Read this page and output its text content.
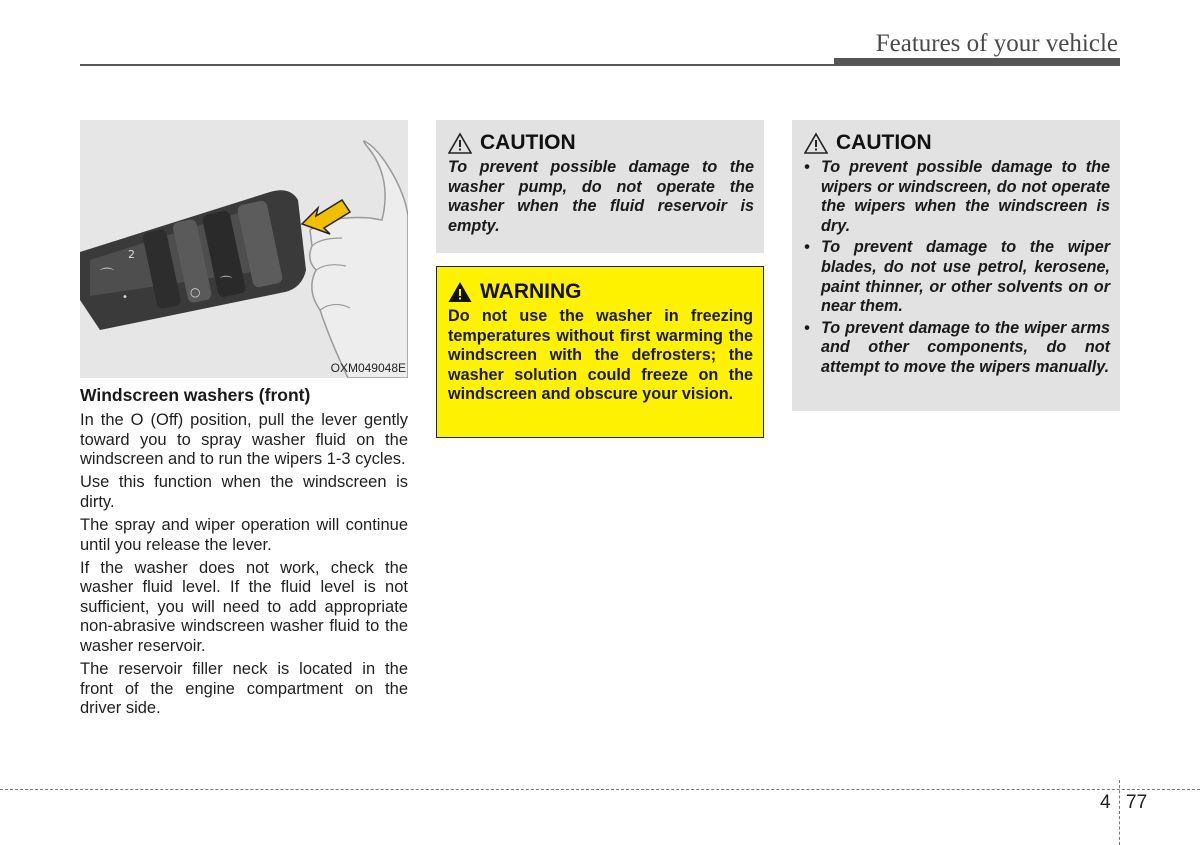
Features of your vehicle
⌒
2
•	○
⌒
OXM049048E
Windscreen washers (front)

In the O (Off) position, pull the lever gently toward you to spray washer fluid on the windscreen and to run the wipers 1-3 cycles.

Use this function when the windscreen is dirty.

The spray and wiper operation will continue until you release the lever.

If the washer does not work, check the washer fluid level. If the fluid level is not sufficient, you will need to add appropriate non-abrasive windscreen washer fluid to the washer reservoir.

The reservoir filler neck is located in the front of the engine compartment on the driver side.

CAUTION
To prevent possible damage to the washer pump, do not operate the washer when the fluid reservoir is empty.
WARNING
Do not use the washer in freezing temperatures without first warming the windscreen with the defrosters; the washer solution could freeze on the windscreen and obscure your vision.
CAUTION
• To prevent possible damage to the wipers or windscreen, do not operate the wipers when the windscreen is dry.
• To prevent damage to the wiper blades, do not use petrol, kerosene, paint thinner, or other solvents on or near them.
• To prevent damage to the wiper arms and other components, do not attempt to move the wipers manually.
4 77
